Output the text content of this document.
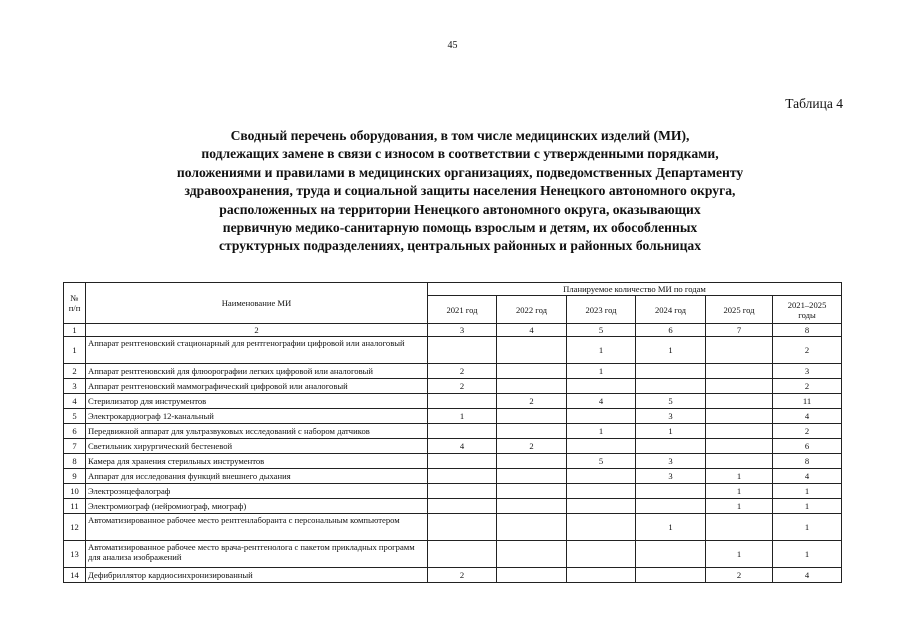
45
Таблица 4
Сводный перечень оборудования, в том числе медицинских изделий (МИ),
подлежащих замене в связи с износом в соответствии с утвержденными порядками,
положениями и правилами в медицинских организациях, подведомственных Департаменту
здравоохранения, труда и социальной защиты населения Ненецкого автономного округа,
расположенных на территории Ненецкого автономного округа, оказывающих
первичную медико-санитарную помощь взрослым и детям, их обособленных
структурных подразделениях, центральных районных и районных больницах
№
п/п	Наименование МИ	Планируемое количество МИ по годам					
		2021 год	2022 год	2023 год	2024 год	2025 год	2021–2025
годы
1	2	3	4	5	6	7	8
1	Аппарат рентгеновский стационарный для рентгенографии цифровой или аналоговый			1	1		2
2	Аппарат рентгеновский для флюорографии легких цифровой или аналоговый	2		1			3
3	Аппарат рентгеновский маммографический цифровой или аналоговый	2					2
4	Стерилизатор для инструментов		2	4	5		11
5	Электрокардиограф 12-канальный	1			3		4
6	Передвижной аппарат для ультразвуковых исследований с набором датчиков			1	1		2
7	Светильник хирургический бестеневой	4	2				6
8	Камера для хранения стерильных инструментов			5	3		8
9	Аппарат для исследования функций внешнего дыхания				3	1	4
10	Электроэнцефалограф					1	1
11	Электромиограф (нейромиограф, миограф)					1	1
12	Автоматизированное рабочее место рентгенлаборанта с персональным компьютером				1		1
13	Автоматизированное рабочее место врача-рентгенолога с пакетом прикладных программ для анализа изображений					1	1
14	Дефибриллятор кардиосинхронизированный	2				2	4
